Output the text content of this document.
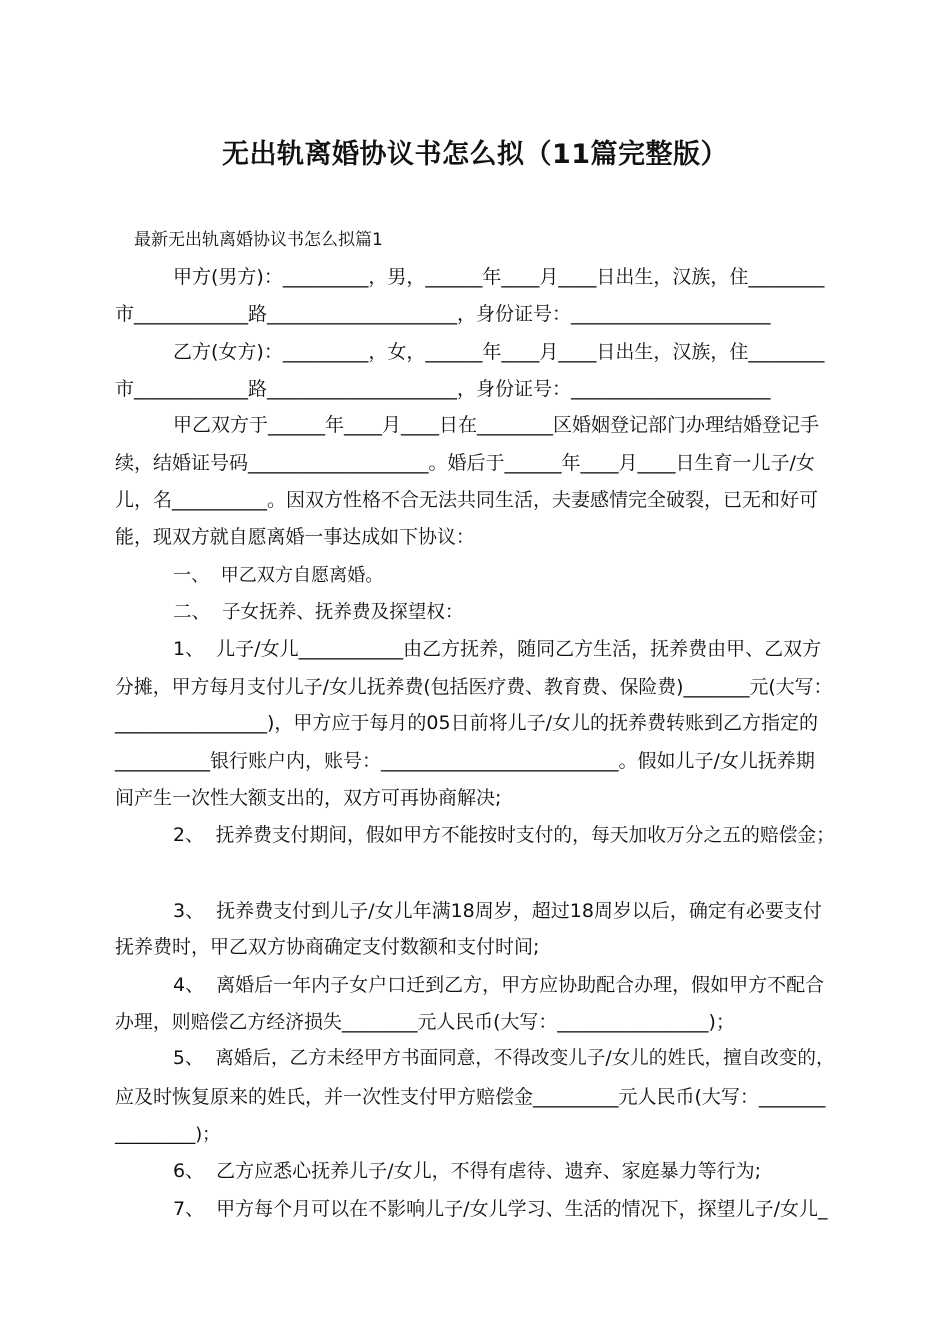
无出轨离婚协议书怎么拟（11篇完整版）
最新无出轨离婚协议书怎么拟篇1
甲方(男方)：_________，男，______年____月____日出生，汉族，住________
市____________路____________________，身份证号：_____________________
乙方(女方)：_________，女，______年____月____日出生，汉族，住________
市____________路____________________，身份证号：_____________________
甲乙双方于______年____月____日在________区婚姻登记部门办理结婚登记手
续，结婚证号码___________________。婚后于______年____月____日生育一儿子/女
儿，名__________。因双方性格不合无法共同生活，夫妻感情完全破裂，已无和好可
能，现双方就自愿离婚一事达成如下协议：
一、  甲乙双方自愿离婚。
二、  子女抚养、抚养费及探望权：
1、  儿子/女儿___________由乙方抚养，随同乙方生活，抚养费由甲、乙双方
分摊，甲方每月支付儿子/女儿抚养费(包括医疗费、教育费、保险费)_______元(大写：
________________)，甲方应于每月的05日前将儿子/女儿的抚养费转账到乙方指定的
__________银行账户内，账号：_________________________。假如儿子/女儿抚养期
间产生一次性大额支出的，双方可再协商解决;
2、  抚养费支付期间，假如甲方不能按时支付的，每天加收万分之五的赔偿金；
3、  抚养费支付到儿子/女儿年满18周岁，超过18周岁以后，确定有必要支付
抚养费时，甲乙双方协商确定支付数额和支付时间;
4、  离婚后一年内子女户口迁到乙方，甲方应协助配合办理，假如甲方不配合
办理，则赔偿乙方经济损失________元人民币(大写：________________)；
5、  离婚后，乙方未经甲方书面同意，不得改变儿子/女儿的姓氏，擅自改变的，
应及时恢复原来的姓氏，并一次性支付甲方赔偿金_________元人民币(大写：_______
_________)；
6、  乙方应悉心抚养儿子/女儿，不得有虐待、遗弃、家庭暴力等行为;
7、  甲方每个月可以在不影响儿子/女儿学习、生活的情况下，探望儿子/女儿_
